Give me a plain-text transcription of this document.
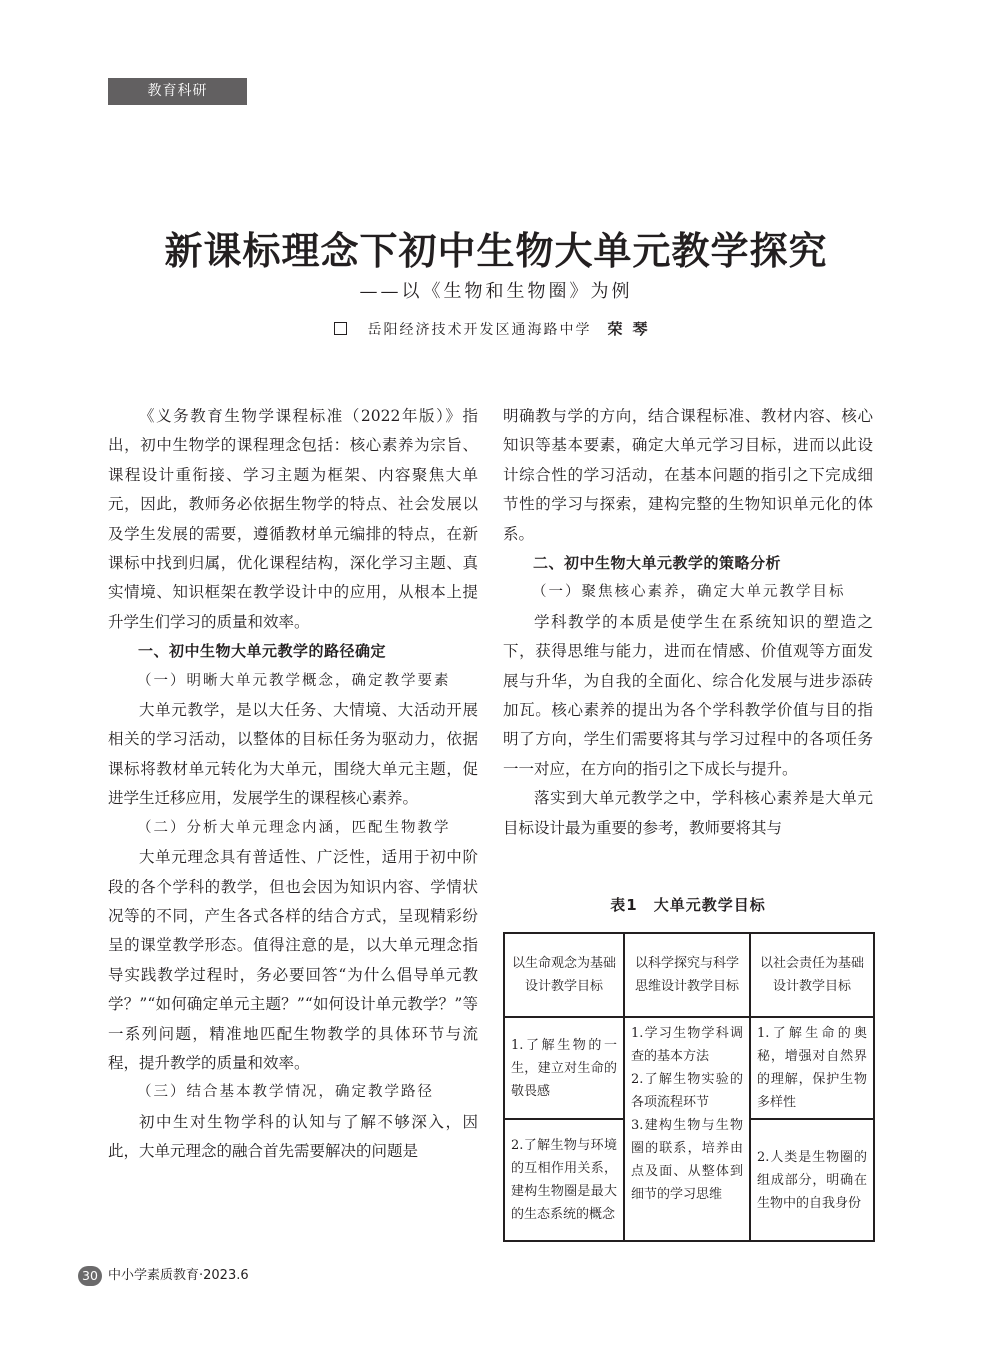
教育科研
新课标理念下初中生物大单元教学探究
——以《生物和生物圈》为例
岳阳经济技术开发区通海路中学 荣琴

《义务教育生物学课程标准（2022年版）》指出，初中生物学的课程理念包括：核心素养为宗旨、课程设计重衔接、学习主题为框架、内容聚焦大单元，因此，教师务必依据生物学的特点、社会发展以及学生发展的需要，遵循教材单元编排的特点，在新课标中找到归属，优化课程结构，深化学习主题、真实情境、知识框架在教学设计中的应用，从根本上提升学生们学习的质量和效率。

一、初中生物大单元教学的路径确定
（一）明晰大单元教学概念，确定教学要素

大单元教学，是以大任务、大情境、大活动开展相关的学习活动，以整体的目标任务为驱动力，依据课标将教材单元转化为大单元，围绕大单元主题，促进学生迁移应用，发展学生的课程核心素养。

（二）分析大单元理念内涵，匹配生物教学

大单元理念具有普适性、广泛性，适用于初中阶段的各个学科的教学，但也会因为知识内容、学情状况等的不同，产生各式各样的结合方式，呈现精彩纷呈的课堂教学形态。值得注意的是，以大单元理念指导实践教学过程时，务必要回答“为什么倡导单元教学？”“如何确定单元主题？”“如何设计单元教学？”等一系列问题，精准地匹配生物教学的具体环节与流程，提升教学的质量和效率。

（三）结合基本教学情况，确定教学路径

初中生对生物学科的认知与了解不够深入，因此，大单元理念的融合首先需要解决的问题是

明确教与学的方向，结合课程标准、教材内容、核心知识等基本要素，确定大单元学习目标，进而以此设计综合性的学习活动，在基本问题的指引之下完成细节性的学习与探索，建构完整的生物知识单元化的体系。

二、初中生物大单元教学的策略分析
（一）聚焦核心素养，确定大单元教学目标

学科教学的本质是使学生在系统知识的塑造之下，获得思维与能力，进而在情感、价值观等方面发展与升华，为自我的全面化、综合化发展与进步添砖加瓦。核心素养的提出为各个学科教学价值与目的指明了方向，学生们需要将其与学习过程中的各项任务一一对应，在方向的指引之下成长与提升。

落实到大单元教学之中，学科核心素养是大单元目标设计最为重要的参考，教师要将其与

表1　大单元教学目标
以生命观念为基础设计教学目标	以科学探究与科学思维设计教学目标	以社会责任为基础设计教学目标
1.了解生物的一生，建立对生命的敬畏感	1.学习生物学科调查的基本方法
2.了解生物实验的各项流程环节
3.建构生物与生物圈的联系，培养由点及面、从整体到细节的学习思维	1.了解生命的奥秘，增强对自然界的理解，保护生物多样性
2.了解生物与环境的互相作用关系，建构生物圈是最大的生态系统的概念		2.人类是生物圈的组成部分，明确在生物中的自我身份
30 中小学素质教育·2023.6
